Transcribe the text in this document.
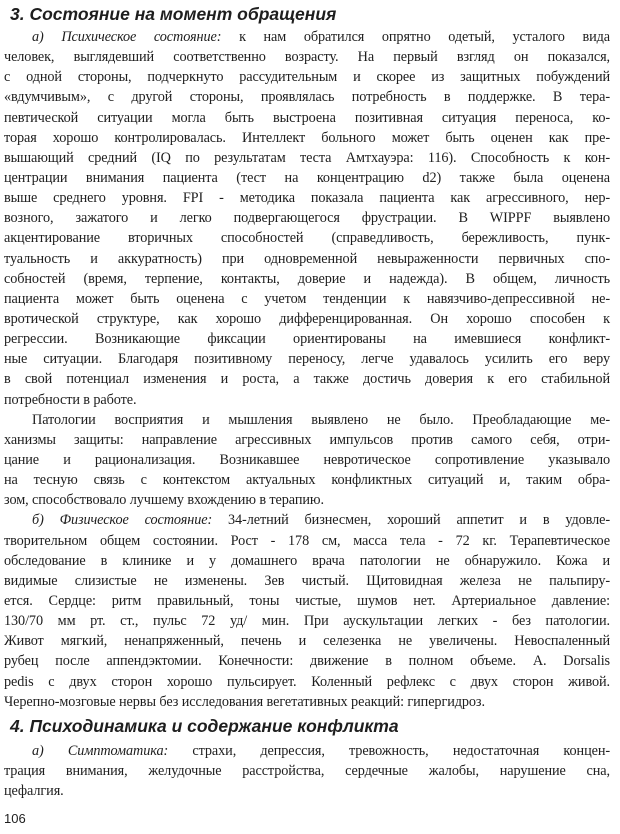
3. Состояние на момент обращения
а) Психическое состояние: к нам обратился опрятно одетый, усталого вида
человек, выглядевший соответственно возрасту. На первый взгляд он показался,
с одной стороны, подчеркнуто рассудительным и скорее из защитных побуждений
«вдумчивым», с другой стороны, проявлялась потребность в поддержке. В тера-
певтической ситуации могла быть выстроена позитивная ситуация переноса, ко-
торая хорошо контролировалась. Интеллект больного может быть оценен как пре-
вышающий средний (IQ по результатам теста Амтхауэра: 116). Способность к кон-
центрации внимания пациента (тест на концентрацию d2) также была оценена
выше среднего уровня. FPI - методика показала пациента как агрессивного, нер-
возного, зажатого и легко подвергающегося фрустрации. В WIPPF выявлено
акцентирование вторичных способностей (справедливость, бережливость, пунк-
туальность и аккуратность) при одновременной невыраженности первичных спо-
собностей (время, терпение, контакты, доверие и надежда). В общем, личность
пациента может быть оценена с учетом тенденции к навязчиво-депрессивной не-
вротической структуре, как хорошо дифференцированная. Он хорошо способен к
регрессии. Возникающие фиксации ориентированы на имевшиеся конфликт-
ные ситуации. Благодаря позитивному переносу, легче удавалось усилить его веру
в свой потенциал изменения и роста, а также достичь доверия к его стабильной
потребности в работе.
Патологии восприятия и мышления выявлено не было. Преобладающие ме-
ханизмы защиты: направление агрессивных импульсов против самого себя, отри-
цание и рационализация. Возникавшее невротическое сопротивление указывало
на тесную связь с контекстом актуальных конфликтных ситуаций и, таким обра-
зом, способствовало лучшему вхождению в терапию.
б) Физическое состояние: 34-летний бизнесмен, хороший аппетит и в удовле-
творительном общем состоянии. Рост - 178 см, масса тела - 72 кг. Терапевтическое
обследование в клинике и у домашнего врача патологии не обнаружило. Кожа и
видимые слизистые не изменены. Зев чистый. Щитовидная железа не пальпиру-
ется. Сердце: ритм правильный, тоны чистые, шумов нет. Артериальное давление:
130/70 мм рт. ст., пульс 72 уд/ мин. При аускультации легких - без патологии.
Живот мягкий, ненапряженный, печень и селезенка не увеличены. Невоспаленный
рубец после аппендэктомии. Конечности: движение в полном объеме. A. Dorsalis
pedis с двух сторон хорошо пульсирует. Коленный рефлекс с двух сторон живой.
Черепно-мозговые нервы без исследования вегетативных реакций: гипергидроз.
4. Психодинамика и содержание конфликта
а) Симптоматика: страхи, депрессия, тревожность, недостаточная концен-
трация внимания, желудочные расстройства, сердечные жалобы, нарушение сна,
цефалгия.

106
